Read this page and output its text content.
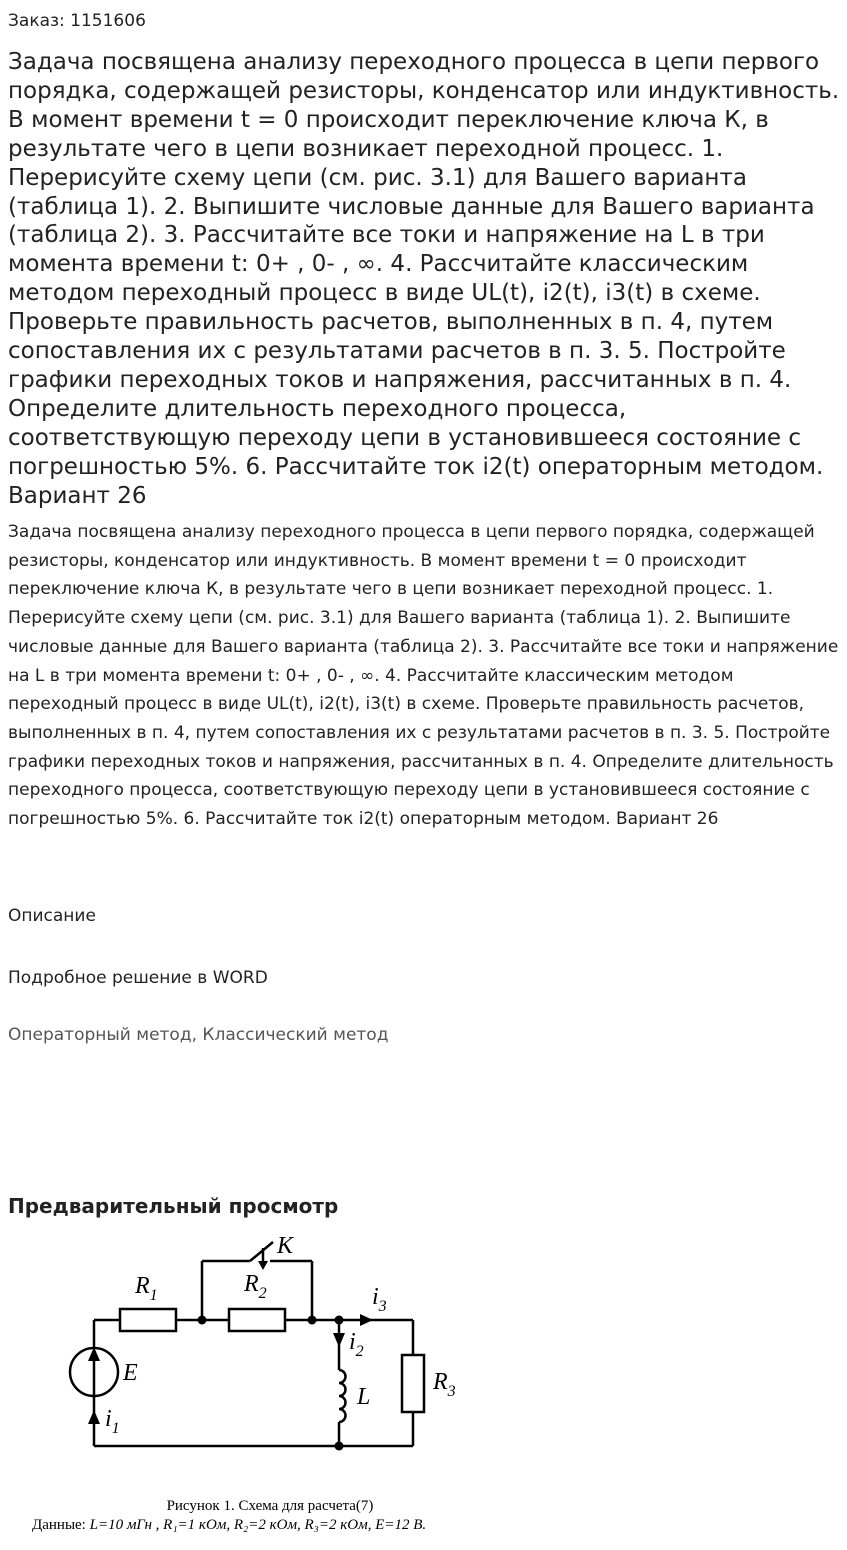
Заказ: 1151606

Задача посвящена анализу переходного процесса в цепи первого порядка, содержащей резисторы, конденсатор или индуктивность. В момент времени t = 0 происходит переключение ключа К, в результате чего в цепи возникает переходной процесс. 1. Перерисуйте схему цепи (см. рис. 3.1) для Вашего варианта (таблица 1). 2. Выпишите числовые данные для Вашего варианта (таблица 2). 3. Рассчитайте все токи и напряжение на L в три момента времени t: 0+ , 0- , ∞. 4. Рассчитайте классическим методом переходный процесс в виде UL(t), i2(t), i3(t) в схеме. Проверьте правильность расчетов, выполненных в п. 4, путем сопоставления их с результатами расчетов в п. 3. 5. Постройте графики переходных токов и напряжения, рассчитанных в п. 4. Определите длительность переходного процесса, соответствующую переходу цепи в установившееся состояние с погрешностью 5%. 6. Рассчитайте ток i2(t) операторным методом. Вариант 26

Задача посвящена анализу переходного процесса в цепи первого порядка, содержащей резисторы, конденсатор или индуктивность. В момент времени t = 0 происходит переключение ключа К, в результате чего в цепи возникает переходной процесс. 1. Перерисуйте схему цепи (см. рис. 3.1) для Вашего варианта (таблица 1). 2. Выпишите числовые данные для Вашего варианта (таблица 2). 3. Рассчитайте все токи и напряжение на L в три момента времени t: 0+ , 0- , ∞. 4. Рассчитайте классическим методом переходный процесс в виде UL(t), i2(t), i3(t) в схеме. Проверьте правильность расчетов, выполненных в п. 4, путем сопоставления их с результатами расчетов в п. 3. 5. Постройте графики переходных токов и напряжения, рассчитанных в п. 4. Определите длительность переходного процесса, соответствующую переходу цепи в установившееся состояние с погрешностью 5%. 6. Рассчитайте ток i2(t) операторным методом. Вариант 26

Описание

Подробное решение в WORD

Операторный метод, Классический метод

Предварительный просмотр
K
$R_1$	$R_2$
$R_3$
E
L
$i_1$
$i_2$
$i_3$

Рисунок 1. Схема для расчета(7)

Данные: L=10 мГн , R₁=1 кОм, R₂=2 кОм, R₃=2 кОм, E=12 В.
